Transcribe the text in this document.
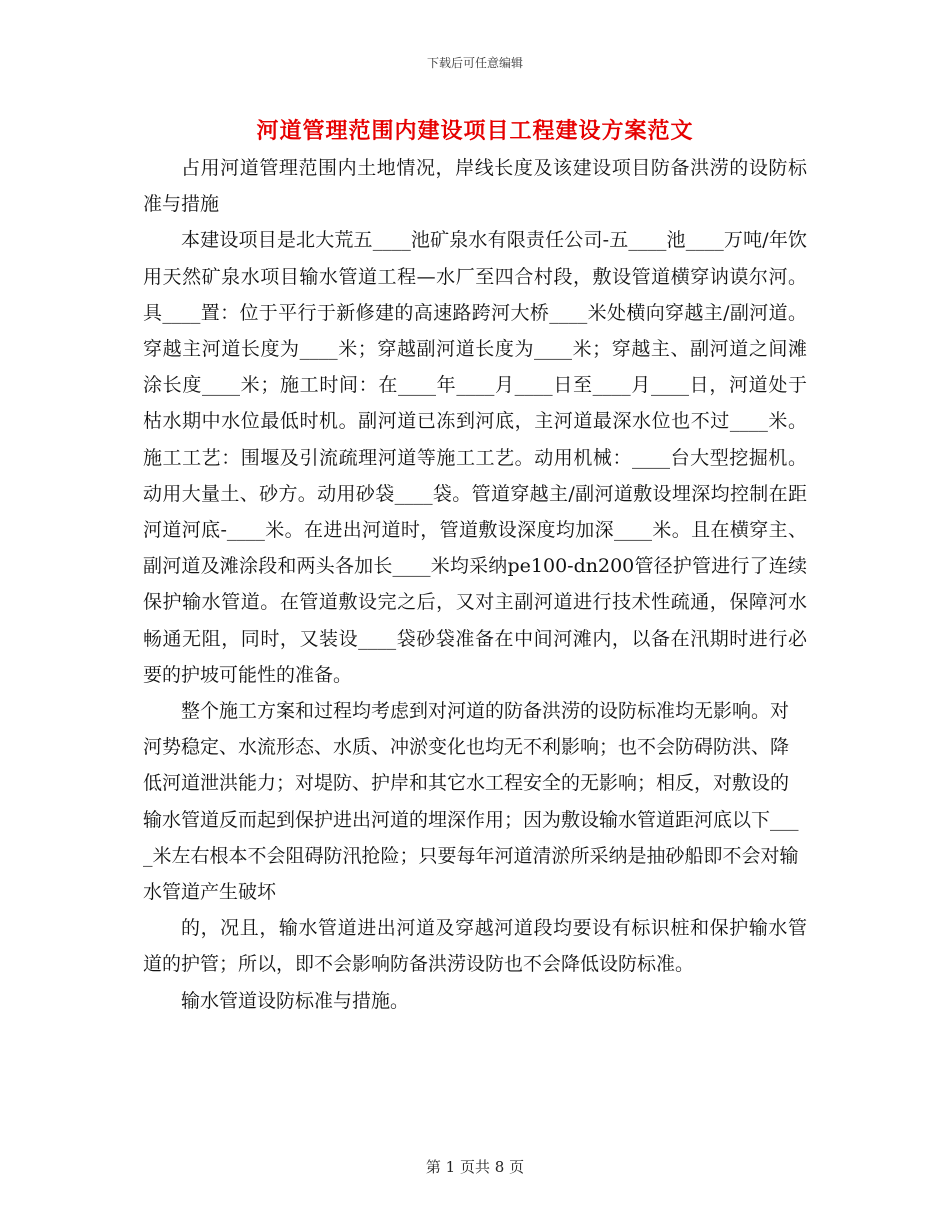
下载后可任意编辑
河道管理范围内建设项目工程建设方案范文

占用河道管理范围内土地情况，岸线长度及该建设项目防备洪涝的设防标准与措施

本建设项目是北大荒五____池矿泉水有限责任公司-五____池____万吨/年饮用天然矿泉水项目输水管道工程—水厂至四合村段，敷设管道横穿讷谟尔河。具____置：位于平行于新修建的高速路跨河大桥____米处横向穿越主/副河道。穿越主河道长度为____米；穿越副河道长度为____米；穿越主、副河道之间滩涂长度____米；施工时间：在____年____月____日至____月____日，河道处于枯水期中水位最低时机。副河道已冻到河底，主河道最深水位也不过____米。施工工艺：围堰及引流疏理河道等施工工艺。动用机械：____台大型挖掘机。动用大量土、砂方。动用砂袋____袋。管道穿越主/副河道敷设埋深均控制在距河道河底-____米。在进出河道时，管道敷设深度均加深____米。且在横穿主、副河道及滩涂段和两头各加长____米均采纳pe100-dn200管径护管进行了连续保护输水管道。在管道敷设完之后，又对主副河道进行技术性疏通，保障河水畅通无阻，同时，又装设____袋砂袋准备在中间河滩内，以备在汛期时进行必要的护坡可能性的准备。

整个施工方案和过程均考虑到对河道的防备洪涝的设防标准均无影响。对河势稳定、水流形态、水质、冲淤变化也均无不利影响；也不会防碍防洪、降低河道泄洪能力；对堤防、护岸和其它水工程安全的无影响；相反，对敷设的输水管道反而起到保护进出河道的埋深作用；因为敷设输水管道距河底以下____米左右根本不会阻碍防汛抢险；只要每年河道清淤所采纳是抽砂船即不会对输水管道产生破坏

的，况且，输水管道进出河道及穿越河道段均要设有标识桩和保护输水管道的护管；所以，即不会影响防备洪涝设防也不会降低设防标准。

输水管道设防标准与措施。

第 1 页共 8 页
